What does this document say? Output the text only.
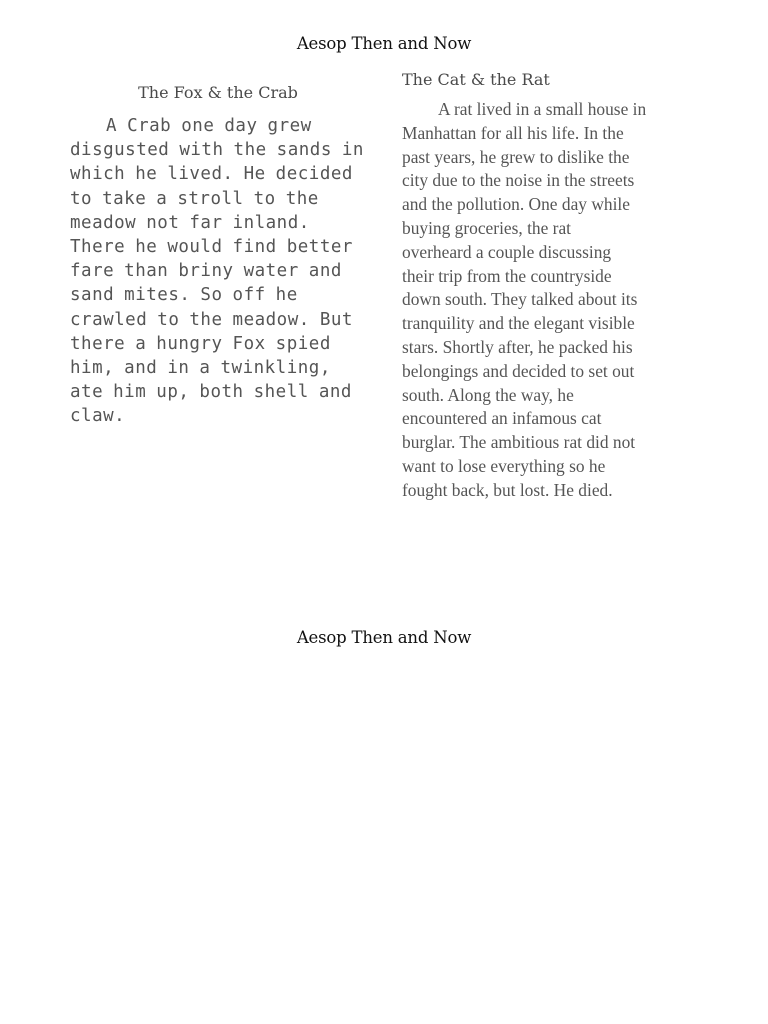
Aesop Then and Now
The Fox & the Crab

A Crab one day grew disgusted with the sands in which he lived. He decided to take a stroll to the meadow not far inland. There he would find better fare than briny water and sand mites. So off he crawled to the meadow. But there a hungry Fox spied him, and in a twinkling, ate him up, both shell and claw.

The Cat & the Rat

A rat lived in a small house in
Manhattan for all his life. In the
past years, he grew to dislike the
city due to the noise in the streets
and the pollution. One day while
buying groceries, the rat
overheard a couple discussing
their trip from the countryside
down south. They talked about its
tranquility and the elegant visible
stars. Shortly after, he packed his
belongings and decided to set out
south. Along the way, he
encountered an infamous cat
burglar. The ambitious rat did not
want to lose everything so he
fought back, but lost. He died.

Aesop Then and Now
